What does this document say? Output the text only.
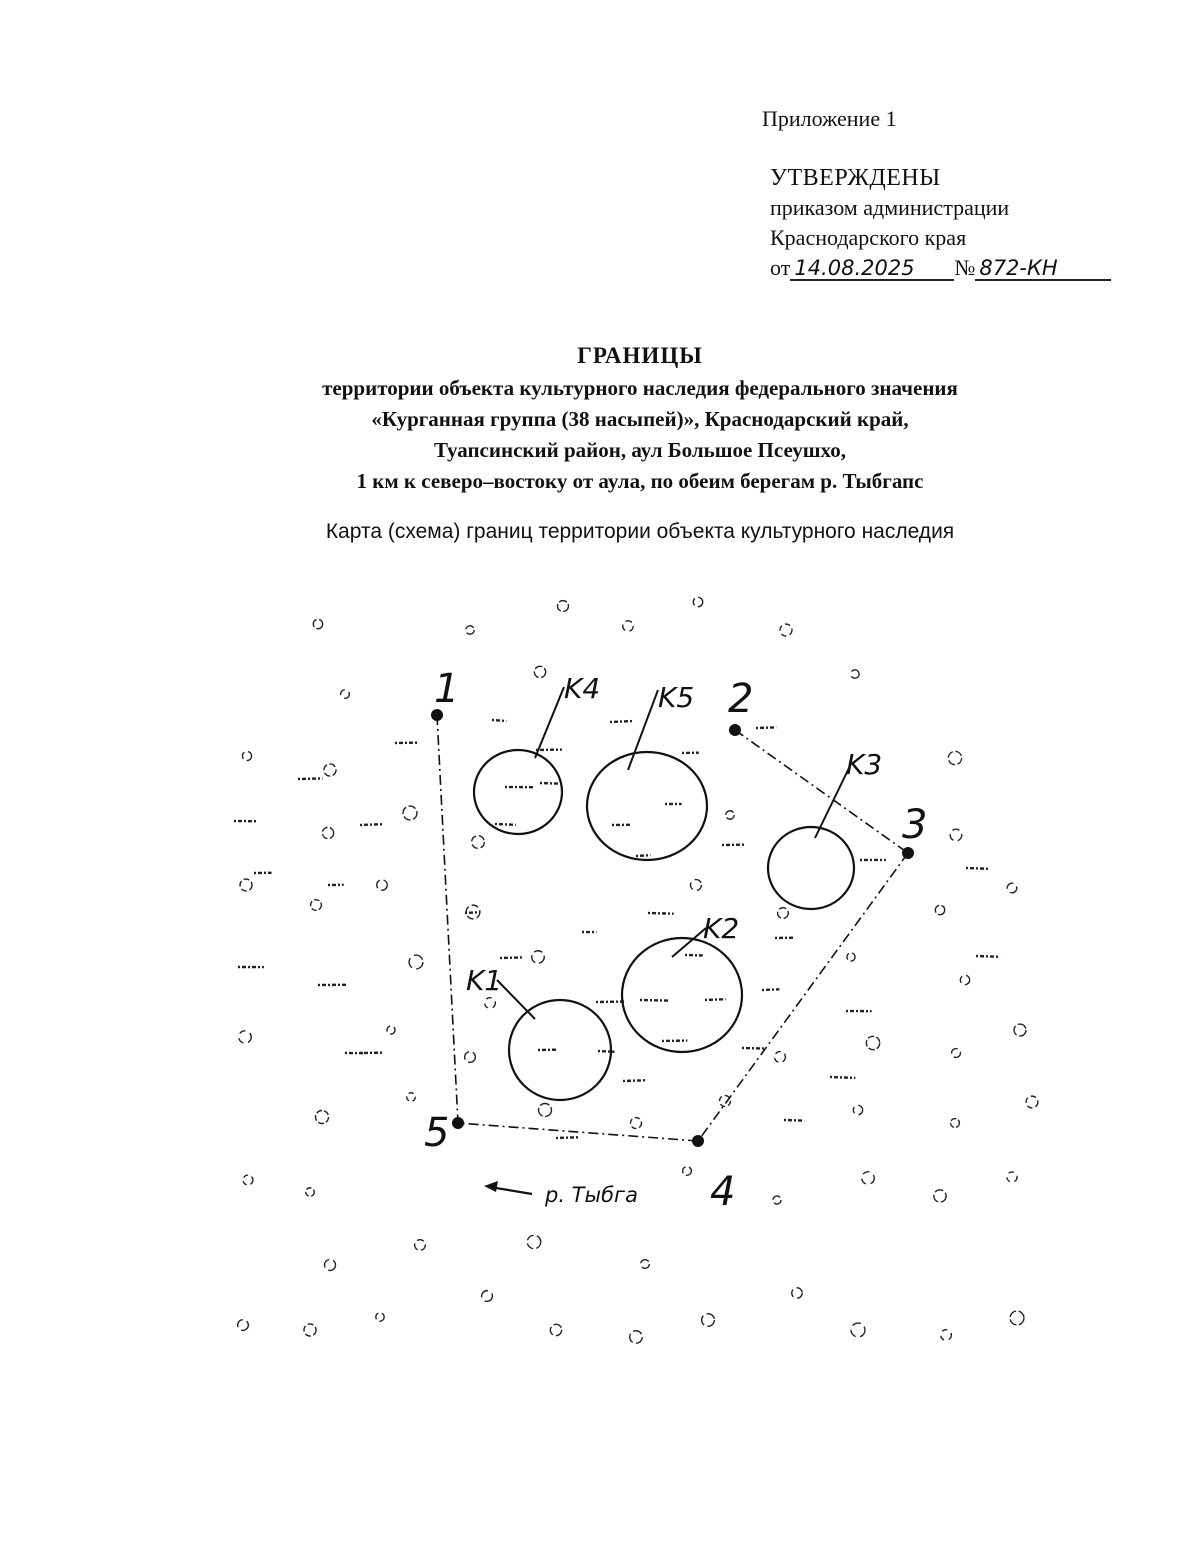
Приложение 1
УТВЕРЖДЕНЫ
приказом администрации
Краснодарского края
от 14.08.2025 № 872-КН
ГРАНИЦЫ
территории объекта культурного наследия федерального значения
«Курганная группа (38 насыпей)», Краснодарский край,
Туапсинский район, аул Большое Псеушхо,
1 км к северо–востоку от аула, по обеим берегам р. Тыбгапс
Карта (схема) границ территории объекта культурного наследия
1	2
3
4
5
K4 K5
K3
K2
K1
р. Тыбга
